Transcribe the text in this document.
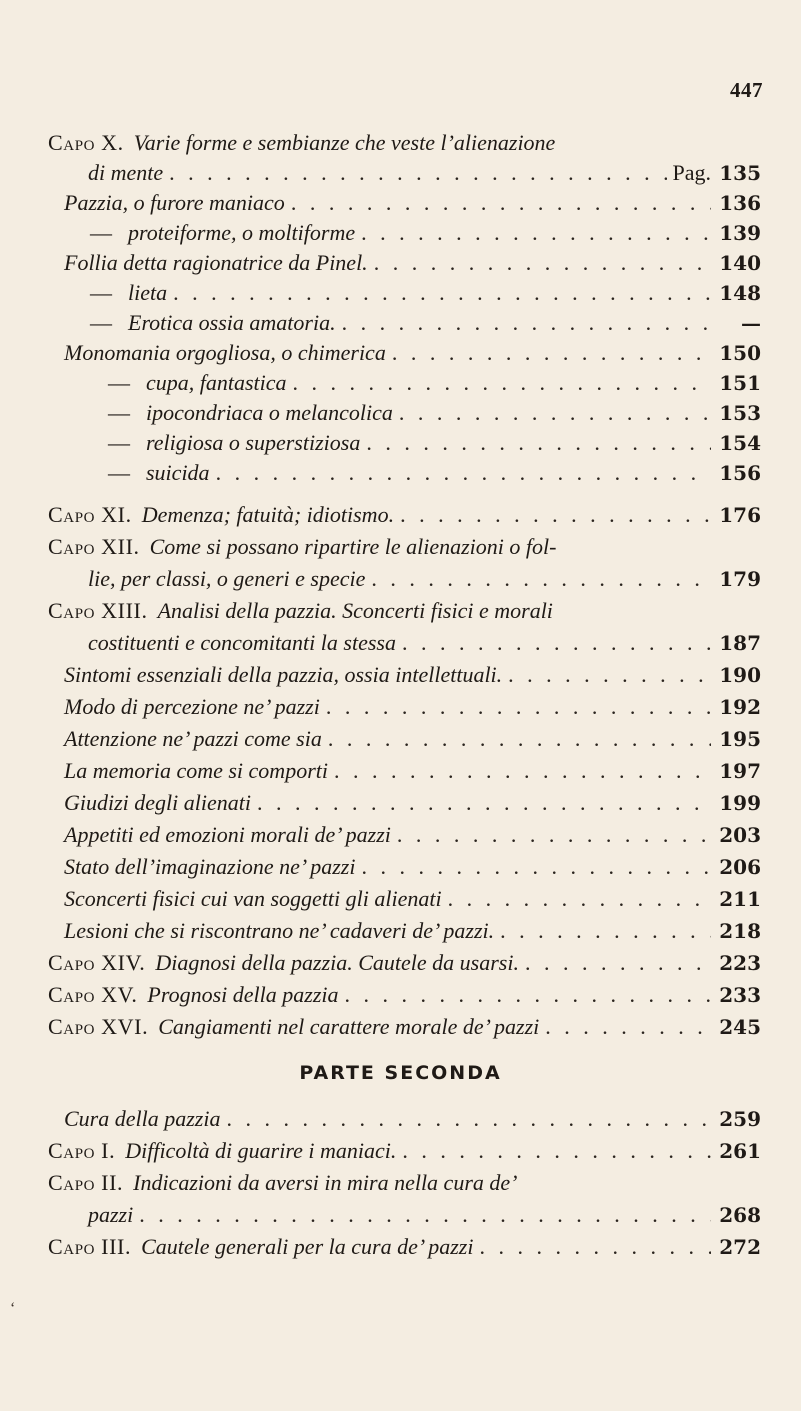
447
Capo X. Varie forme e sembianze che veste l’alienazione
di mente . . .	Pag. 135
Pazzia, o furore maniaco . . .	136
— proteiforme, o moltiforme . . .	139
Follia detta ragionatrice da Pinel. . . .	140
— lieta . . .	148
— Erotica ossia amatoria. . . .	—
Monomania orgogliosa, o chimerica . . .	150
— cupa, fantastica . . .	151
— ipocondriaca o melancolica . . .	153
— religiosa o superstiziosa . . .	154
— suicida . . .	156
Capo XI. Demenza; fatuità; idiotismo. . . .	176
Capo XII. Come si possano ripartire le alienazioni o fol-
lie, per classi, o generi e specie . . .	179
Capo XIII. Analisi della pazzia. Sconcerti fisici e morali
costituenti e concomitanti la stessa . . .	187
Sintomi essenziali della pazzia, ossia intellettuali. . . .	190
Modo di percezione ne’ pazzi . . .	192
Attenzione ne’ pazzi come sia . . .	195
La memoria come si comporti . . .	197
Giudizi degli alienati . . .	199
Appetiti ed emozioni morali de’ pazzi . . .	203
Stato dell’imaginazione ne’ pazzi . . .	206
Sconcerti fisici cui van soggetti gli alienati . . .	211
Lesioni che si riscontrano ne’ cadaveri de’ pazzi. . . .	218
Capo XIV. Diagnosi della pazzia. Cautele da usarsi. . . .	223
Capo XV. Prognosi della pazzia . . .	233
Capo XVI. Cangiamenti nel carattere morale de’ pazzi . . .	245
PARTE SECONDA
Cura della pazzia . . .	259
Capo I. Difficoltà di guarire i maniaci. . . .	261
Capo II. Indicazioni da aversi in mira nella cura de’
pazzi . . .	268
Capo III. Cautele generali per la cura de’ pazzi . . .	272
ʻ
